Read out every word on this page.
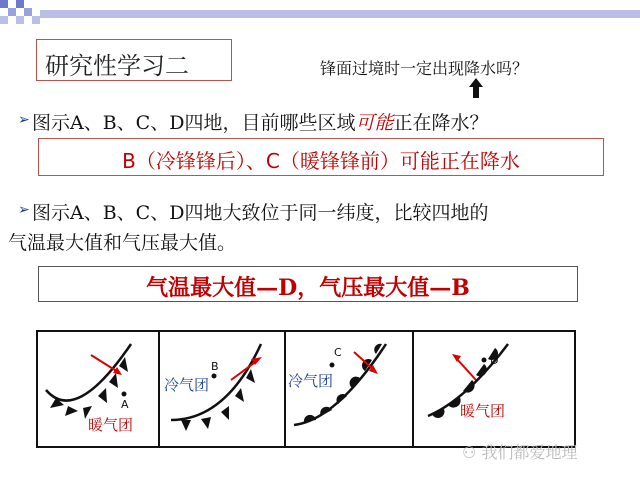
研究性学习二	锋面过境时一定出现降水吗？
➢ 图示A、B、C、D四地，目前哪些区域可能正在降水？
B（冷锋锋后）、C（暖锋锋前）可能正在降水
➢ 图示A、B、C、D四地大致位于同一纬度，比较四地的
气温最大值和气压最大值。
气温最大值—D，气压最大值—B
A
暖气团
B
冷气团
C
冷气团
D
暖气团
⚇ 我们都爱地理
